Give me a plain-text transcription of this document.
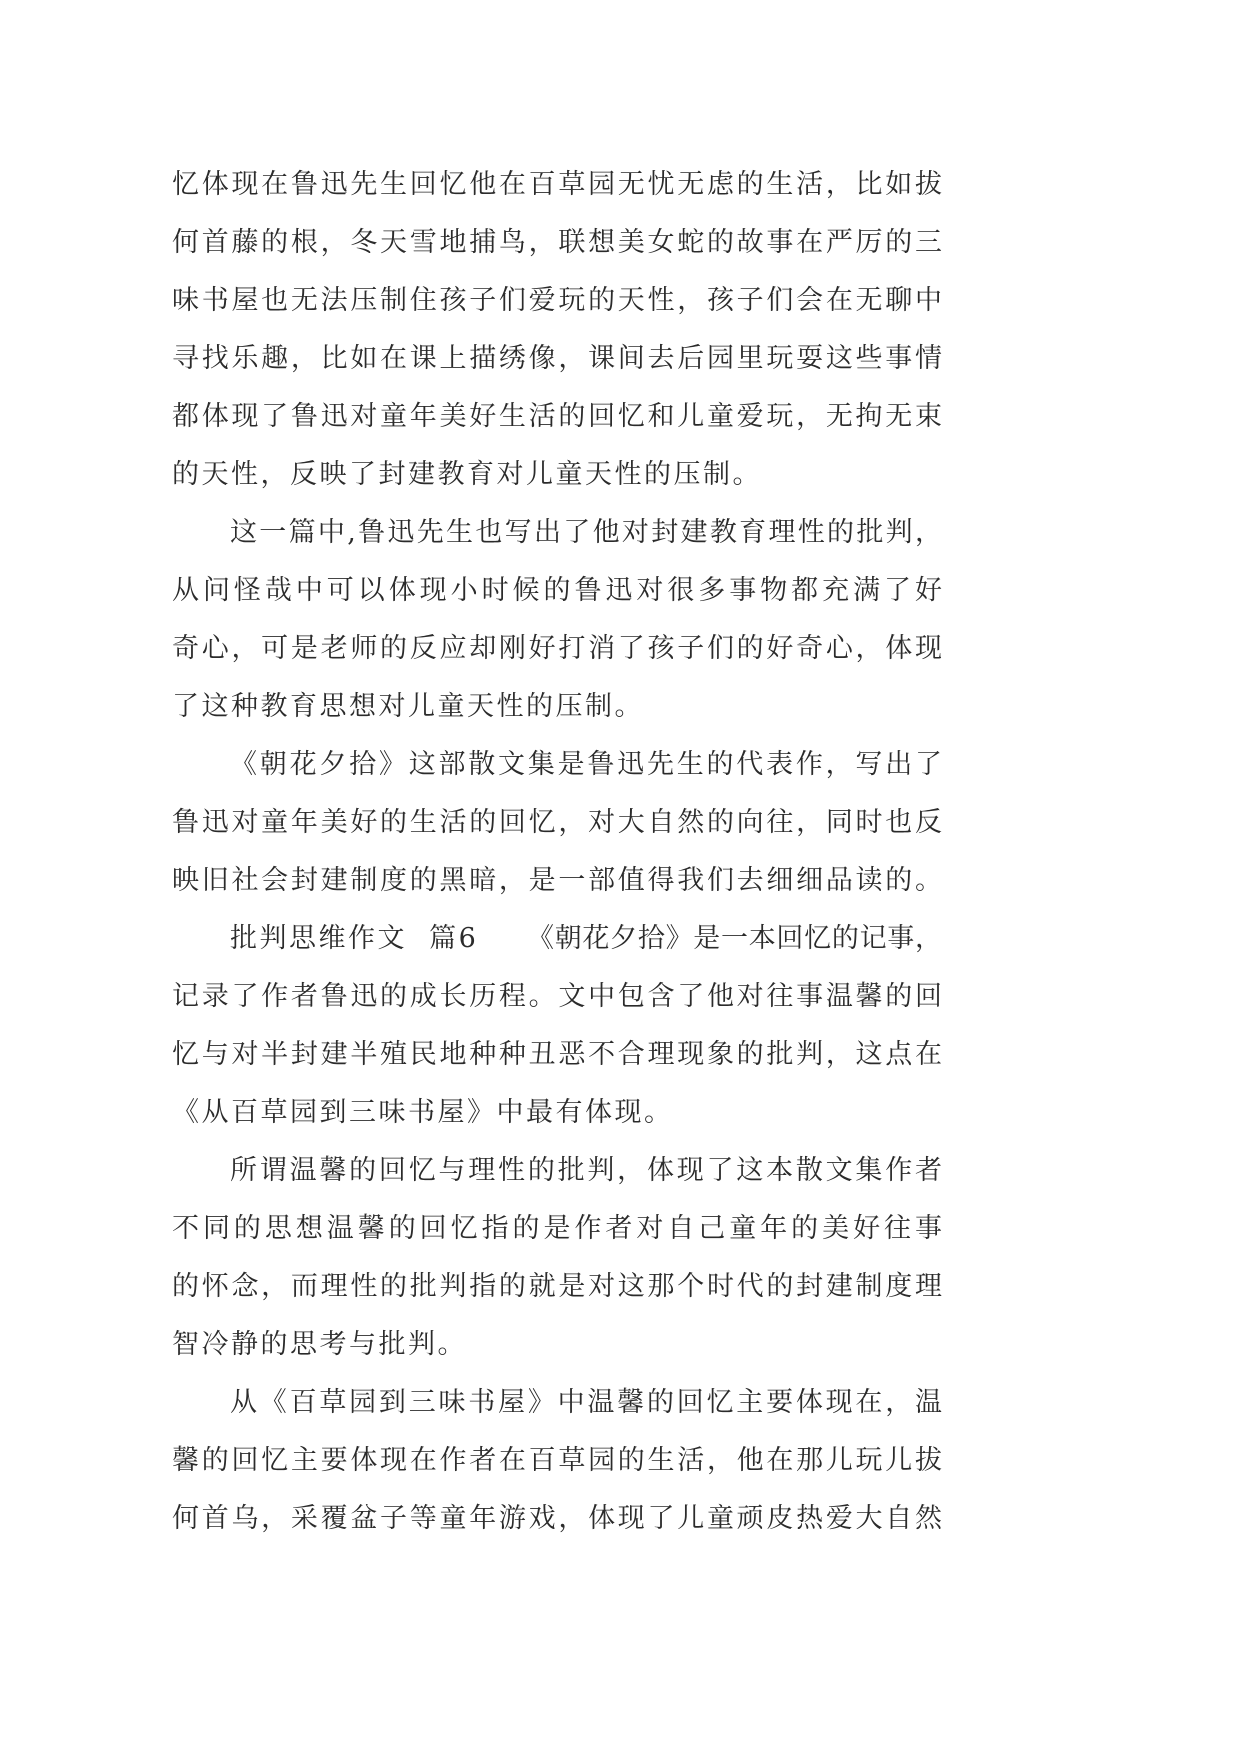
忆体现在鲁迅先生回忆他在百草园无忧无虑的生活，比如拔
何首藤的根，冬天雪地捕鸟，联想美女蛇的故事在严厉的三
味书屋也无法压制住孩子们爱玩的天性，孩子们会在无聊中
寻找乐趣，比如在课上描绣像，课间去后园里玩耍这些事情
都体现了鲁迅对童年美好生活的回忆和儿童爱玩，无拘无束
的天性，反映了封建教育对儿童天性的压制。
这一篇中,鲁迅先生也写出了他对封建教育理性的批判，
从问怪哉中可以体现小时候的鲁迅对很多事物都充满了好
奇心，可是老师的反应却刚好打消了孩子们的好奇心，体现
了这种教育思想对儿童天性的压制。
《朝花夕拾》这部散文集是鲁迅先生的代表作，写出了
鲁迅对童年美好的生活的回忆，对大自然的向往，同时也反
映旧社会封建制度的黑暗，是一部值得我们去细细品读的。
批判思维作文  篇6	《朝花夕拾》是一本回忆的记事，
记录了作者鲁迅的成长历程。文中包含了他对往事温馨的回
忆与对半封建半殖民地种种丑恶不合理现象的批判，这点在
《从百草园到三味书屋》中最有体现。
所谓温馨的回忆与理性的批判，体现了这本散文集作者
不同的思想温馨的回忆指的是作者对自己童年的美好往事
的怀念，而理性的批判指的就是对这那个时代的封建制度理
智冷静的思考与批判。
从《百草园到三味书屋》中温馨的回忆主要体现在，温
馨的回忆主要体现在作者在百草园的生活，他在那儿玩儿拔
何首乌，采覆盆子等童年游戏，体现了儿童顽皮热爱大自然
